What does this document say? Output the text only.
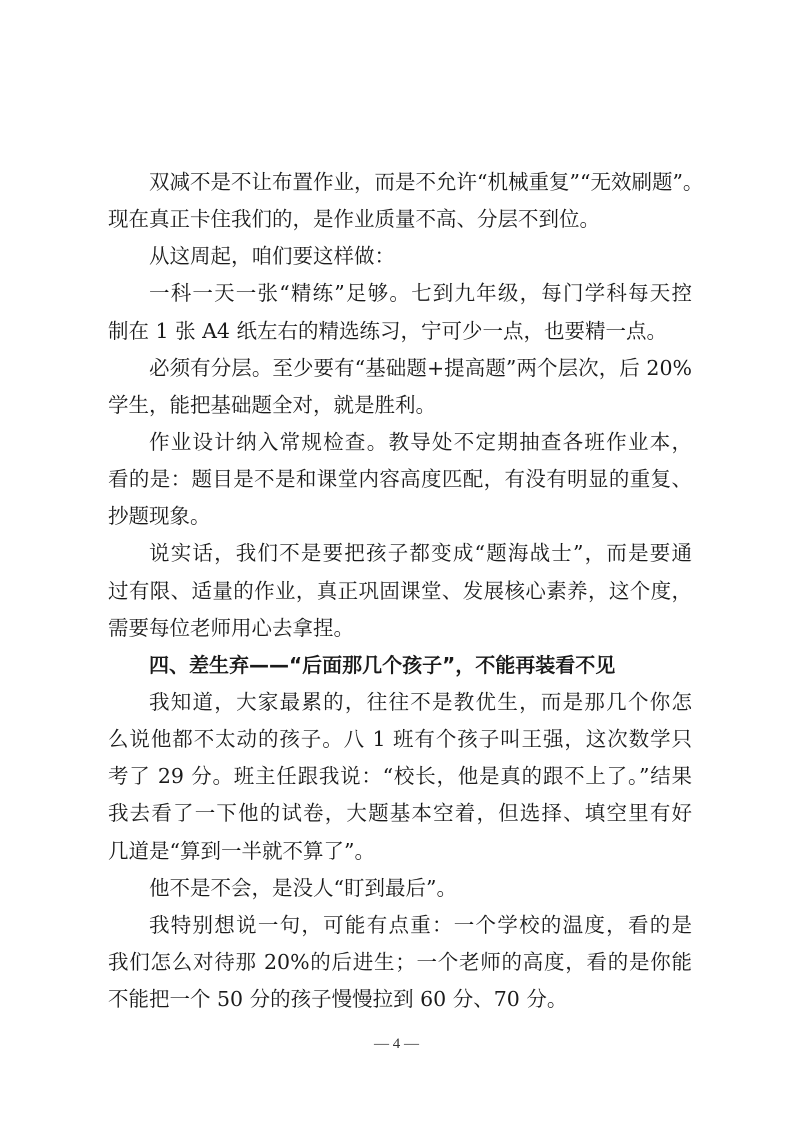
双减不是不让布置作业，而是不允许“机械重复”“无效刷题”。
现在真正卡住我们的，是作业质量不高、分层不到位。
从这周起，咱们要这样做：
一科一天一张“精练”足够。七到九年级，每门学科每天控
制在 1 张 A4 纸左右的精选练习，宁可少一点，也要精一点。
必须有分层。至少要有“基础题+提高题”两个层次，后 20%
学生，能把基础题全对，就是胜利。
作业设计纳入常规检查。教导处不定期抽查各班作业本，
看的是：题目是不是和课堂内容高度匹配，有没有明显的重复、
抄题现象。
说实话，我们不是要把孩子都变成“题海战士”，而是要通
过有限、适量的作业，真正巩固课堂、发展核心素养，这个度，
需要每位老师用心去拿捏。
四、差生弃——“后面那几个孩子”，不能再装看不见
我知道，大家最累的，往往不是教优生，而是那几个你怎
么说他都不太动的孩子。八 1 班有个孩子叫王强，这次数学只
考了 29 分。班主任跟我说：“校长，他是真的跟不上了。”结果
我去看了一下他的试卷，大题基本空着，但选择、填空里有好
几道是“算到一半就不算了”。
他不是不会，是没人“盯到最后”。
我特别想说一句，可能有点重：一个学校的温度，看的是
我们怎么对待那 20%的后进生；一个老师的高度，看的是你能
不能把一个 50 分的孩子慢慢拉到 60 分、70 分。
— 4 —
